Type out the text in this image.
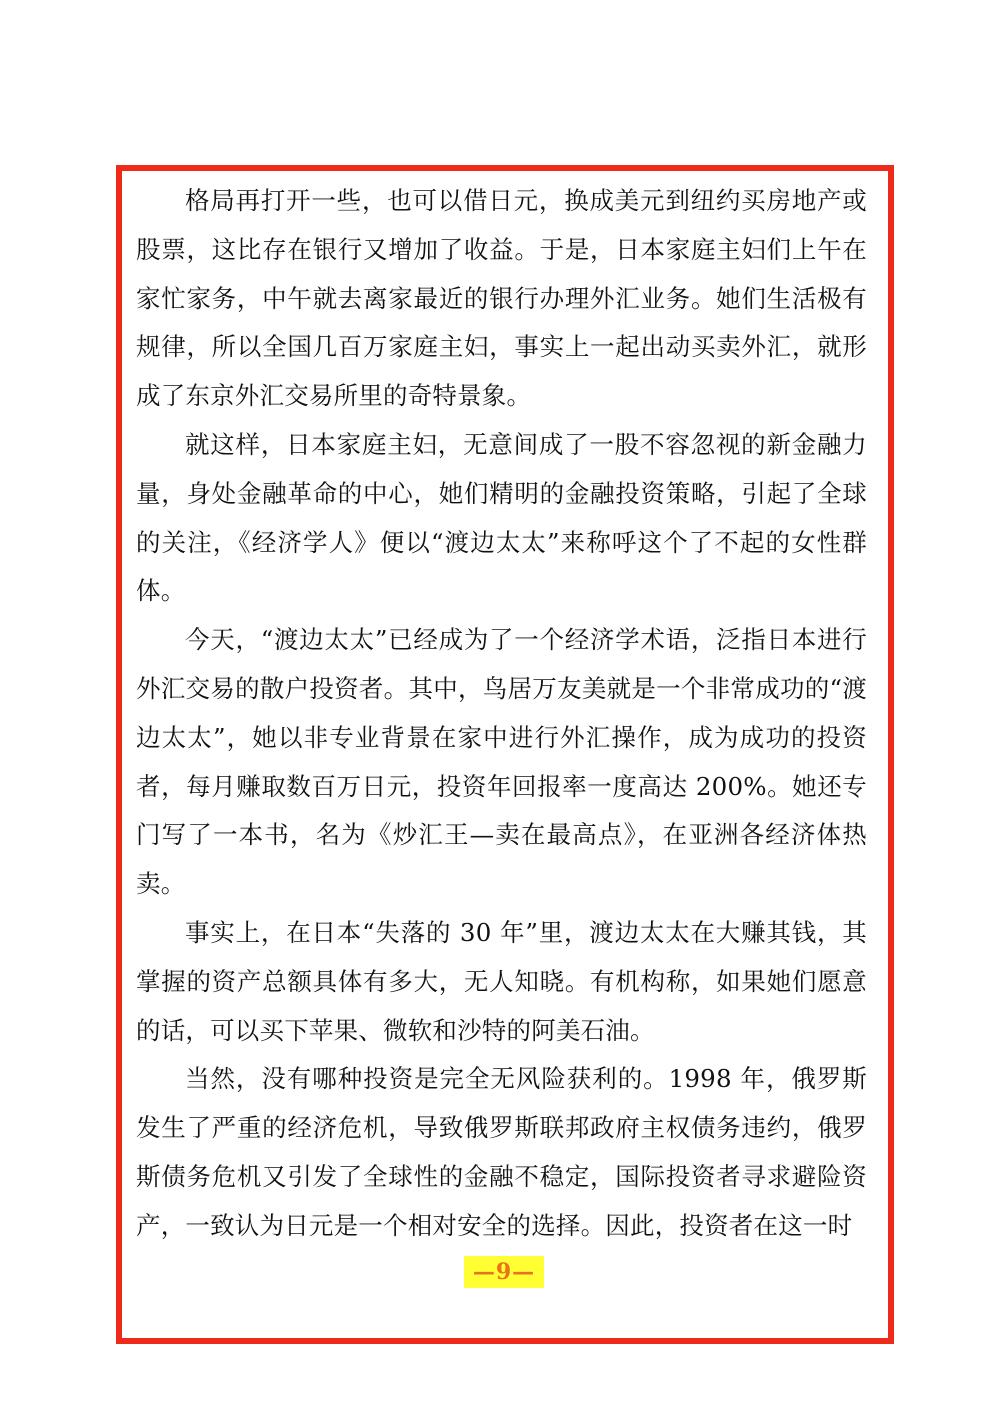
格局再打开一些，也可以借日元，换成美元到纽约买房地产或股票，这比存在银行又增加了收益。于是，日本家庭主妇们上午在家忙家务，中午就去离家最近的银行办理外汇业务。她们生活极有规律，所以全国几百万家庭主妇，事实上一起出动买卖外汇，就形成了东京外汇交易所里的奇特景象。

就这样，日本家庭主妇，无意间成了一股不容忽视的新金融力量，身处金融革命的中心，她们精明的金融投资策略，引起了全球的关注，《经济学人》便以“渡边太太”来称呼这个了不起的女性群体。

今天，“渡边太太”已经成为了一个经济学术语，泛指日本进行外汇交易的散户投资者。其中，鸟居万友美就是一个非常成功的“渡边太太”，她以非专业背景在家中进行外汇操作，成为成功的投资者，每月赚取数百万日元，投资年回报率一度高达 200%。她还专门写了一本书，名为《炒汇王—卖在最高点》，在亚洲各经济体热卖。

事实上，在日本“失落的 30 年”里，渡边太太在大赚其钱，其掌握的资产总额具体有多大，无人知晓。有机构称，如果她们愿意的话，可以买下苹果、微软和沙特的阿美石油。

当然，没有哪种投资是完全无风险获利的。1998 年，俄罗斯发生了严重的经济危机，导致俄罗斯联邦政府主权债务违约，俄罗斯债务危机又引发了全球性的金融不稳定，国际投资者寻求避险资产，一致认为日元是一个相对安全的选择。因此，投资者在这一时

—9—
